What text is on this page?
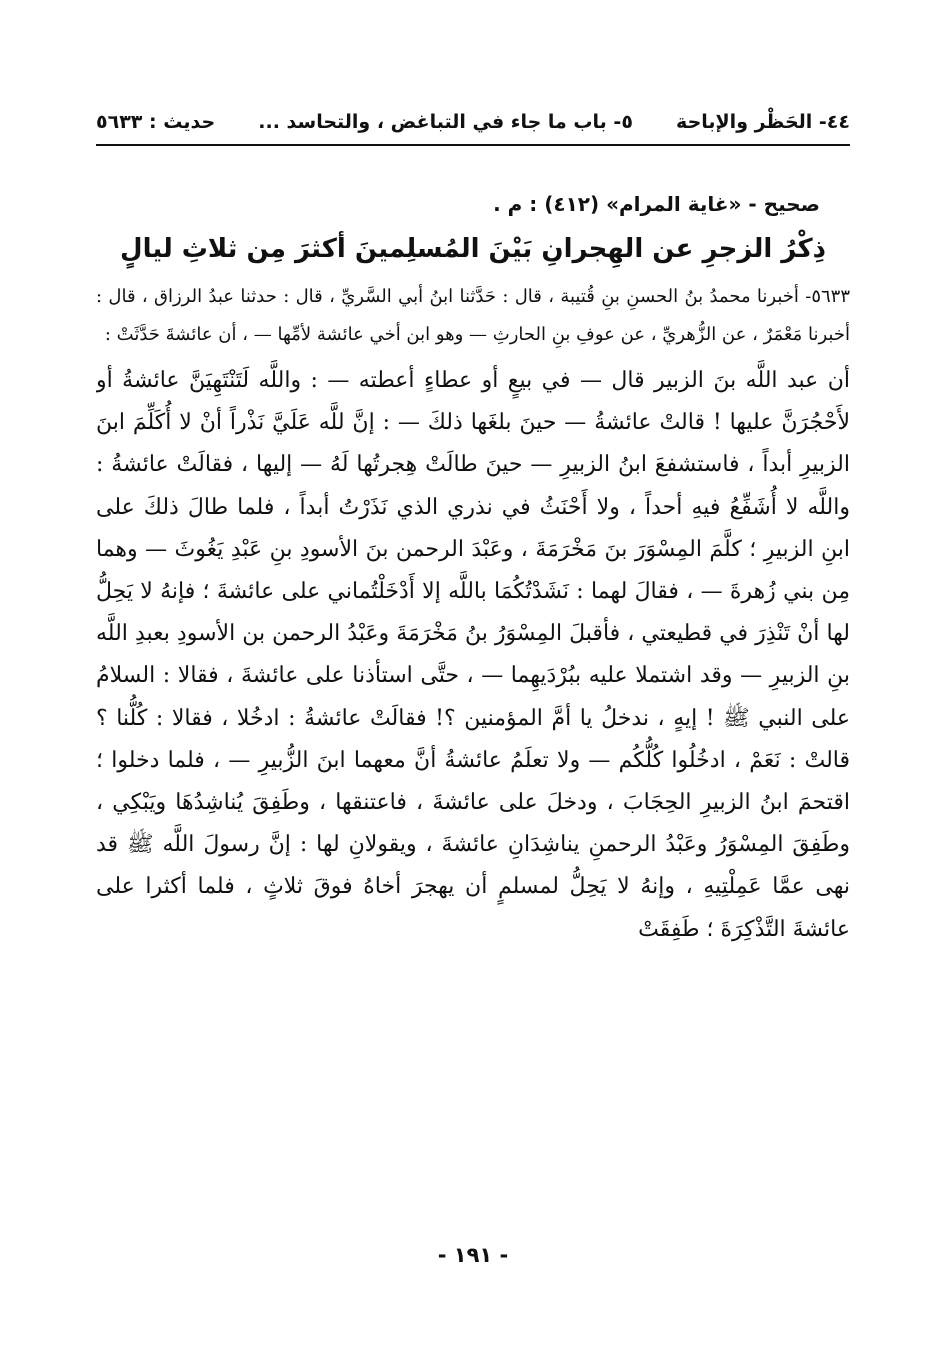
٤٤- الحَظْر والإباحة
٥- باب ما جاء في التباغض ، والتحاسد ...
حديث : ٥٦٣٣

صحيح - «غاية المرام» (٤١٢) : م .

ذِكْرُ الزجرِ عن الهِجرانِ بَيْنَ المُسلِمينَ أكثرَ مِن ثلاثِ ليالٍ

٥٦٣٣- أخبرنا محمدُ بنُ الحسنِ بنِ قُتيبة ، قال : حَدَّثنا ابنُ أبي السَّريِّ ، قال : حدثنا عبدُ الرزاق ، قال : أخبرنا مَعْمَرٌ ، عن الزُّهريِّ ، عن عوفِ بنِ الحارثِ — وهو ابن أخي عائشة لأمِّها — ، أن عائشةَ حَدَّثَتْ :

أن عبد اللَّه بنَ الزبير قال — في بيعٍ أو عطاءٍ أعطته — : واللَّه لَتَنْتَهِيَنَّ عائشةُ أو لأَحْجُرَنَّ عليها ! قالتْ عائشةُ — حينَ بلغَها ذلكَ — : إنَّ للَّه عَلَيَّ نَذْراً أنْ لا أُكَلِّمَ ابنَ الزبيرِ أبداً ، فاستشفعَ ابنُ الزبيرِ — حينَ طالَتْ هِجرتُها لَهُ — إليها ، فقالَتْ عائشةُ : واللَّه لا أُشَفِّعُ فيهِ أحداً ، ولا أَحْنَثُ في نذري الذي نَذَرْتُ أبداً ، فلما طالَ ذلكَ على ابنِ الزبيرِ ؛ كلَّمَ المِسْوَرَ بنَ مَخْرَمَةَ ، وعَبْدَ الرحمن بنَ الأسودِ بنِ عَبْدِ يَغُوثَ — وهما مِن بني زُهرةَ — ، فقالَ لهما : نَشَدْتُكُمَا باللَّه إلا أَدْخَلْتُماني على عائشةَ ؛ فإنهُ لا يَحِلُّ لها أنْ تَنْذِرَ في قطيعتي ، فأقبلَ المِسْوَرُ بنُ مَخْرَمَةَ وعَبْدُ الرحمن بن الأسودِ بعبدِ اللَّه بنِ الزبيرِ — وقد اشتملا عليه ببُرْدَيهِما — ، حتَّى استأذنا على عائشةَ ، فقالا : السلامُ على النبي ﷺ ! إيهٍ ، ندخلُ يا أمَّ المؤمنين ؟! فقالَتْ عائشةُ : ادخُلا ، فقالا : كُلُّنا ؟ قالتْ : نَعَمْ ، ادخُلُوا كُلُّكُم — ولا تعلَمُ عائشةُ أنَّ معهما ابنَ الزُّبيرِ — ، فلما دخلوا ؛ اقتحمَ ابنُ الزبيرِ الحِجَابَ ، ودخلَ على عائشةَ ، فاعتنقها ، وطَفِقَ يُناشِدُهَا ويَبْكِي ، وطَفِقَ المِسْوَرُ وعَبْدُ الرحمنِ يناشِدَانِ عائشةَ ، ويقولانِ لها : إنَّ رسولَ اللَّه ﷺ قد نهى عمَّا عَمِلْتِيهِ ، وإنهُ لا يَحِلُّ لمسلمٍ أن يهجرَ أخاهُ فوقَ ثلاثٍ ، فلما أكثرا على عائشةَ التَّذْكِرَةَ ؛ طَفِقَتْ

- ١٩١ -
